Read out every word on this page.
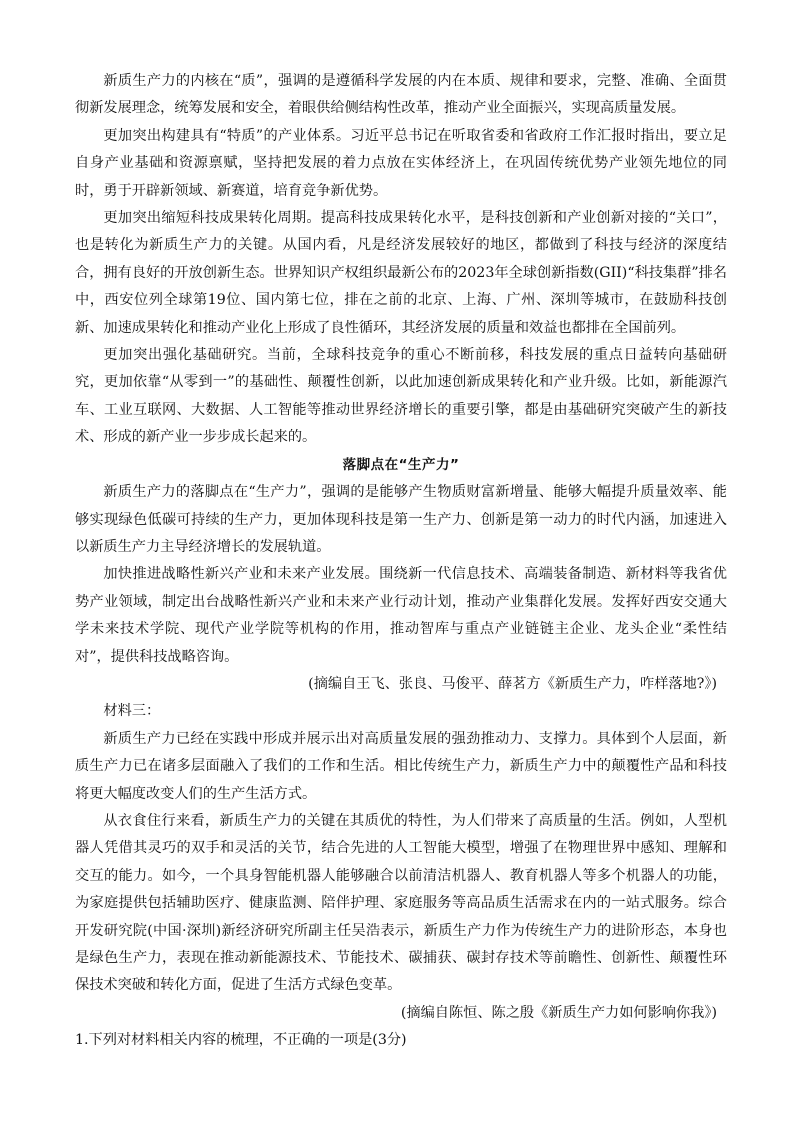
新质生产力的内核在“质”，强调的是遵循科学发展的内在本质、规律和要求，完整、准确、全面贯彻新发展理念，统筹发展和安全，着眼供给侧结构性改革，推动产业全面振兴，实现高质量发展。

更加突出构建具有“特质”的产业体系。习近平总书记在听取省委和省政府工作汇报时指出，要立足自身产业基础和资源禀赋，坚持把发展的着力点放在实体经济上，在巩固传统优势产业领先地位的同时，勇于开辟新领域、新赛道，培育竞争新优势。

更加突出缩短科技成果转化周期。提高科技成果转化水平，是科技创新和产业创新对接的“关口”，也是转化为新质生产力的关键。从国内看，凡是经济发展较好的地区，都做到了科技与经济的深度结合，拥有良好的开放创新生态。世界知识产权组织最新公布的2023年全球创新指数(GII)“科技集群”排名中，西安位列全球第19位、国内第七位，排在之前的北京、上海、广州、深圳等城市，在鼓励科技创新、加速成果转化和推动产业化上形成了良性循环，其经济发展的质量和效益也都排在全国前列。

更加突出强化基础研究。当前，全球科技竞争的重心不断前移，科技发展的重点日益转向基础研究，更加依靠“从零到一”的基础性、颠覆性创新，以此加速创新成果转化和产业升级。比如，新能源汽车、工业互联网、大数据、人工智能等推动世界经济增长的重要引擎，都是由基础研究突破产生的新技术、形成的新产业一步步成长起来的。

落脚点在“生产力”

新质生产力的落脚点在“生产力”，强调的是能够产生物质财富新增量、能够大幅提升质量效率、能够实现绿色低碳可持续的生产力，更加体现科技是第一生产力、创新是第一动力的时代内涵，加速进入以新质生产力主导经济增长的发展轨道。

加快推进战略性新兴产业和未来产业发展。围绕新一代信息技术、高端装备制造、新材料等我省优势产业领域，制定出台战略性新兴产业和未来产业行动计划，推动产业集群化发展。发挥好西安交通大学未来技术学院、现代产业学院等机构的作用，推动智库与重点产业链链主企业、龙头企业“柔性结对”，提供科技战略咨询。

(摘编自王飞、张良、马俊平、薛茗方《新质生产力，咋样落地?》)

材料三：

新质生产力已经在实践中形成并展示出对高质量发展的强劲推动力、支撑力。具体到个人层面，新质生产力已在诸多层面融入了我们的工作和生活。相比传统生产力，新质生产力中的颠覆性产品和科技将更大幅度改变人们的生产生活方式。

从衣食住行来看，新质生产力的关键在其质优的特性，为人们带来了高质量的生活。例如，人型机器人凭借其灵巧的双手和灵活的关节，结合先进的人工智能大模型，增强了在物理世界中感知、理解和交互的能力。如今，一个具身智能机器人能够融合以前清洁机器人、教育机器人等多个机器人的功能，为家庭提供包括辅助医疗、健康监测、陪伴护理、家庭服务等高品质生活需求在内的一站式服务。综合开发研究院(中国·深圳)新经济研究所副主任吴浩表示，新质生产力作为传统生产力的进阶形态，本身也是绿色生产力，表现在推动新能源技术、节能技术、碳捕获、碳封存技术等前瞻性、创新性、颠覆性环保技术突破和转化方面，促进了生活方式绿色变革。

(摘编自陈恒、陈之殷《新质生产力如何影响你我》)

1.下列对材料相关内容的梳理，不正确的一项是(3分)
